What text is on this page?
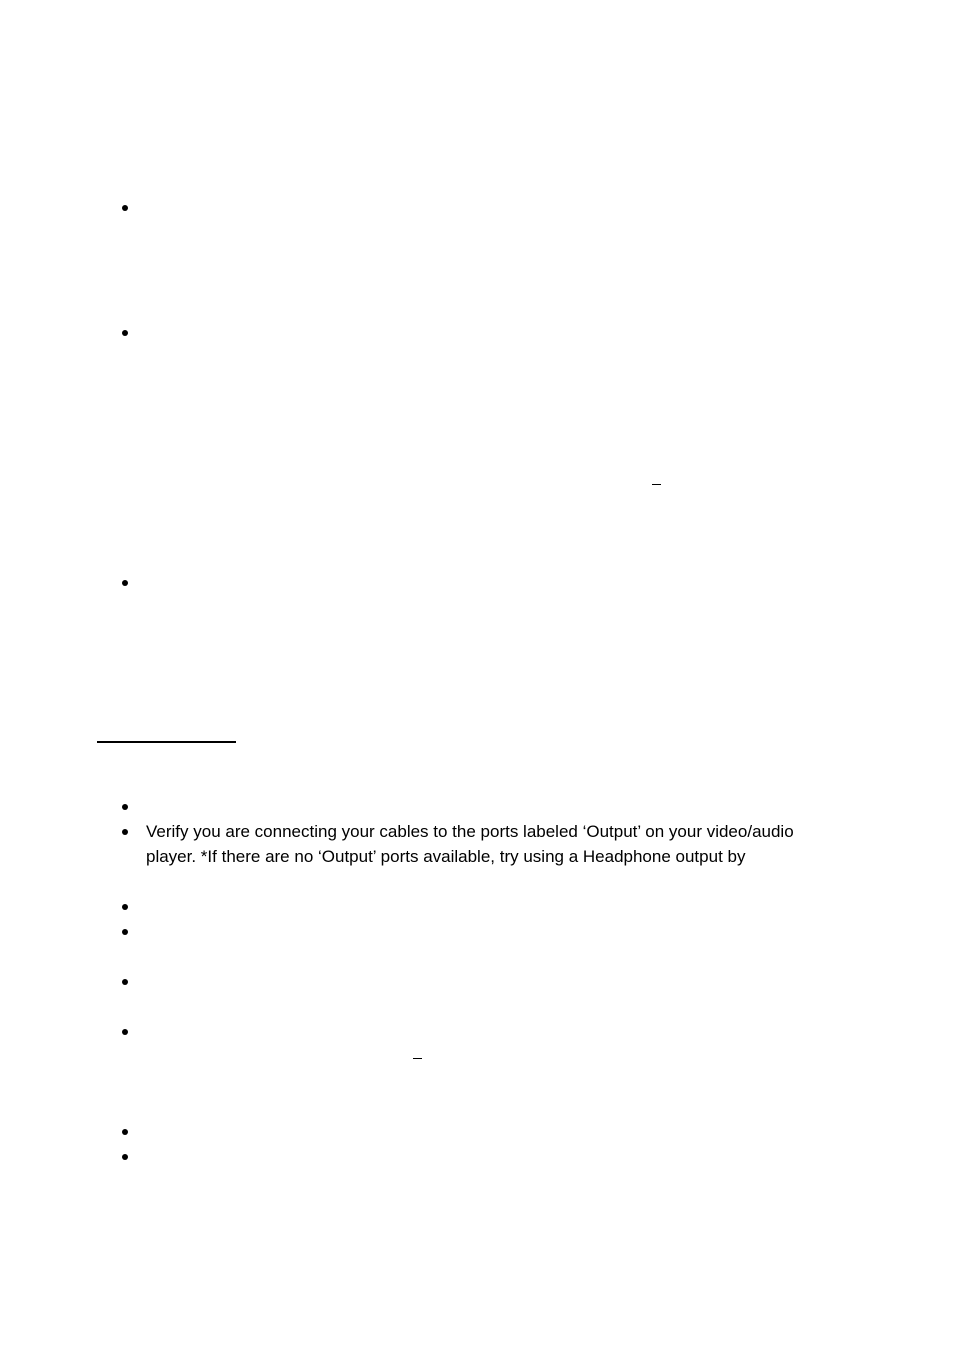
Verify you are connecting your cables to the ports labeled ‘Output’ on your video/audio
player. *If there are no ‘Output’ ports available, try using a Headphone output by
